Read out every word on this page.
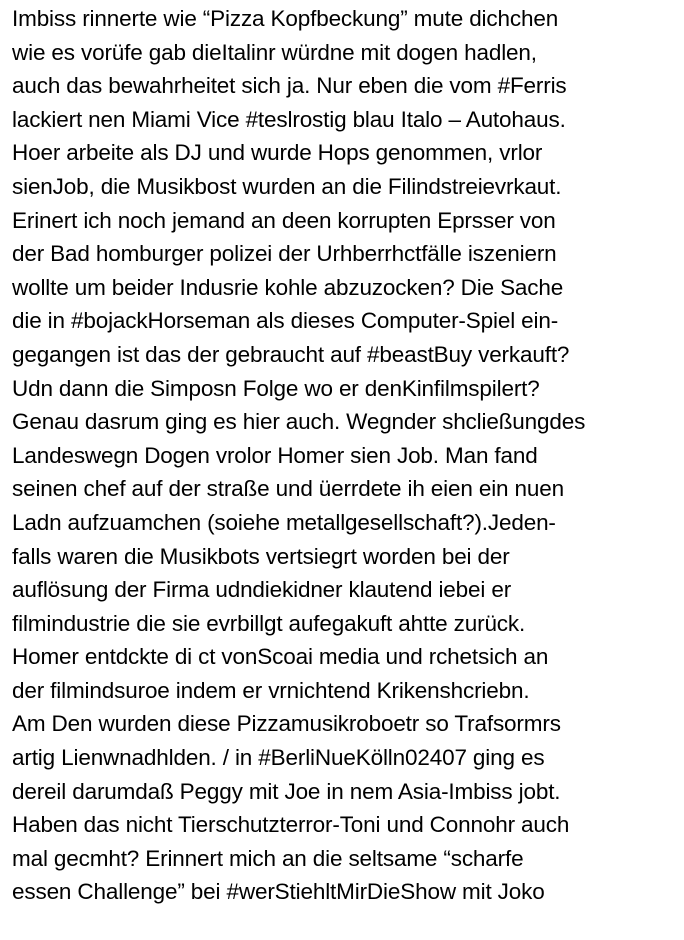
Imbiss rinnerte wie “Pizza Kopfbeckung” mute dichchen
wie es vorüfe gab dieItalinr würdne mit dogen hadlen,
auch das bewahrheitet sich ja. Nur eben die vom #Ferris
lackiert nen Miami Vice #teslrostig blau Italo – Autohaus.
Hoer arbeite als DJ und wurde Hops genommen, vrlor
sienJob, die Musikbost wurden an die Filindstreievrkaut.
Erinert ich noch jemand an deen korrupten Eprsser von
der Bad homburger polizei der Urhberrhctfälle iszeniern
wollte um beider Indusrie kohle abzuzocken? Die Sache
die in #bojackHorseman als dieses Computer-Spiel ein-
gegangen ist das der gebraucht auf #beastBuy verkauft?
Udn dann die Simposn Folge wo er denKinfilmspilert?
Genau dasrum ging es hier auch. Wegnder shcließungdes
Landeswegn Dogen vrolor Homer sien Job. Man fand
seinen chef auf der straße und üerrdete ih eien ein nuen
Ladn aufzuamchen (soiehe metallgesellschaft?).Jeden-
falls waren die Musikbots vertsiegrt worden bei der
auflösung der Firma udndiekidner klautend iebei er
filmindustrie die sie evrbillgt aufegakuft ahtte zurück.
Homer entdckte di ct vonScoai media und rchetsich an
der filmindsuroe indem er vrnichtend Krikenshcriebn.
Am Den wurden diese Pizzamusikroboetr so Trafsormrs
artig Lienwnadhlden. / in #BerliNueKölln02407 ging es
dereil darumdaß Peggy mit Joe in nem Asia-Imbiss jobt.
Haben das nicht Tierschutzterror-Toni und Connohr auch
mal gecmht? Erinnert mich an die seltsame “scharfe
essen Challenge” bei #werStiehltMirDieShow mit Joko
